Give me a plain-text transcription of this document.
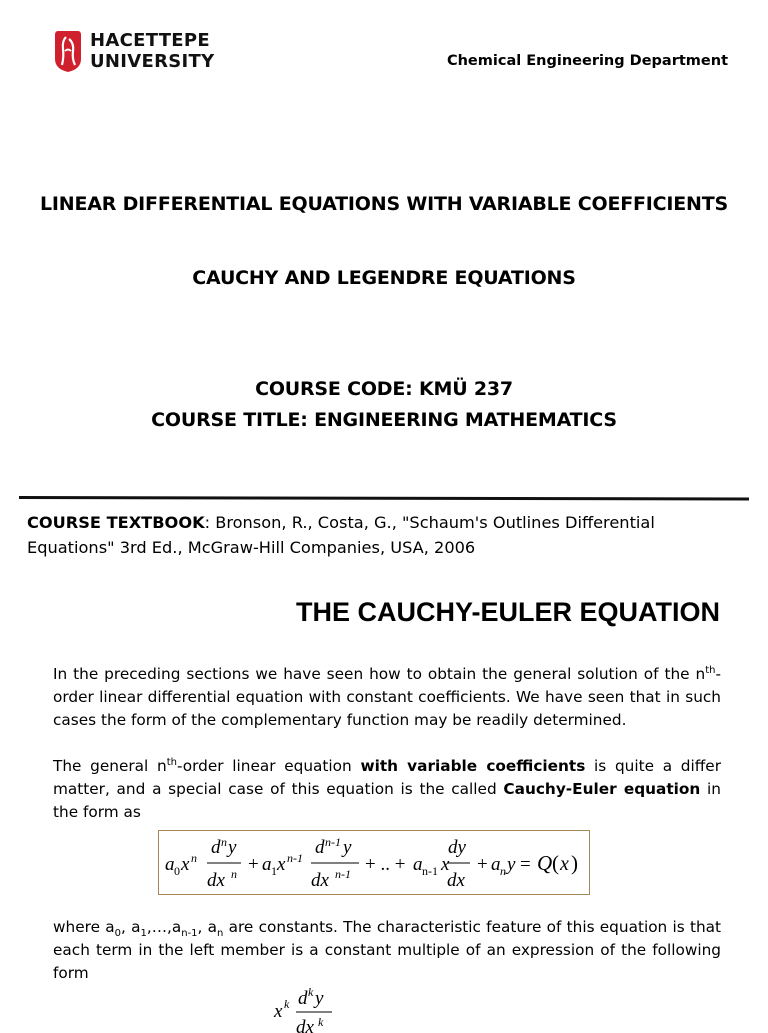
HACETTEPE
UNIVERSITY	Chemical Engineering Department
LINEAR DIFFERENTIAL EQUATIONS WITH VARIABLE COEFFICIENTS
CAUCHY AND LEGENDRE EQUATIONS
COURSE CODE: KMÜ 237
COURSE TITLE: ENGINEERING MATHEMATICS
COURSE TEXTBOOK: Bronson, R., Costa, G., "Schaum's Outlines Differential Equations" 3rd Ed., McGraw-Hill Companies, USA, 2006
THE CAUCHY-EULER EQUATION
In the preceding sections we have seen how to obtain the general solution of the $n^{th}$-order linear differential equation with constant coefficients. We have seen that in such cases the form of the complementary function may be readily determined.
The general $n^{th}$-order linear equation with variable coefficients is quite a differ matter, and a special case of this equation is the called Cauchy-Euler equation in the form as
a 0 x n d n y
dx n + a 1 x n-1 d n-1 y
dx n-1 + .. + a n-1 x
dy
dx
+ a n y = Q ( x )
where $a_0$, $a_1,\dots,a_{n-1}$, $a_n$ are constants. The characteristic feature of this equation is that each term in the left member is a constant multiple of an expression of the following form
x k d k y
dx k
